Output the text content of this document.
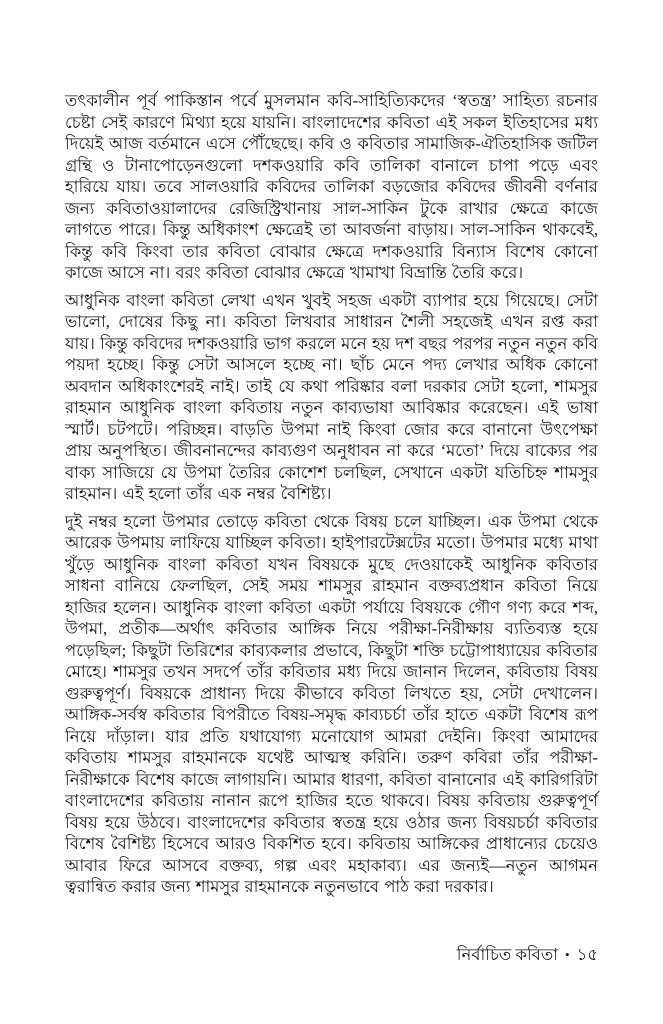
তৎকালীন পূর্ব পাকিস্তান পর্বে মুসলমান কবি-সাহিত্যিকদের ‘স্বতন্ত্র’ সাহিত্য রচনার চেষ্টা সেই কারণে মিথ্যা হয়ে যায়নি। বাংলাদেশের কবিতা এই সকল ইতিহাসের মধ্য দিয়েই আজ বর্তমানে এসে পৌঁছেছে। কবি ও কবিতার সামাজিক-ঐতিহাসিক জটিল গ্রন্থি ও টানাপোড়েনগুলো দশকওয়ারি কবি তালিকা বানালে চাপা পড়ে এবং হারিয়ে যায়। তবে সালওয়ারি কবিদের তালিকা বড়জোর কবিদের জীবনী বর্ণনার জন্য কবিতাওয়ালাদের রেজিস্ট্রিখানায় সাল-সাকিন টুকে রাখার ক্ষেত্রে কাজে লাগতে পারে। কিন্তু অধিকাংশ ক্ষেত্রেই তা আবর্জনা বাড়ায়। সাল-সাকিন থাকবেই, কিন্তু কবি কিংবা তার কবিতা বোঝার ক্ষেত্রে দশকওয়ারি বিন্যাস বিশেষ কোনো কাজে আসে না। বরং কবিতা বোঝার ক্ষেত্রে খামাখা বিভ্রান্তি তৈরি করে।

আধুনিক বাংলা কবিতা লেখা এখন খুবই সহজ একটা ব্যাপার হয়ে গিয়েছে। সেটা ভালো, দোষের কিছু না। কবিতা লিখবার সাধারন শৈলী সহজেই এখন রপ্ত করা যায়। কিন্তু কবিদের দশকওয়ারি ভাগ করলে মনে হয় দশ বছর পরপর নতুন নতুন কবি পয়দা হচ্ছে। কিন্তু সেটা আসলে হচ্ছে না। ছাঁচ মেনে পদ্য লেখার অধিক কোনো অবদান অধিকাংশেরই নাই। তাই যে কথা পরিষ্কার বলা দরকার সেটা হলো, শামসুর রাহমান আধুনিক বাংলা কবিতায় নতুন কাব্যভাষা আবিষ্কার করেছেন। এই ভাষা স্মার্ট। চটপটে। পরিচ্ছন্ন। বাড়তি উপমা নাই কিংবা জোর করে বানানো উৎপেক্ষা প্রায় অনুপস্থিত। জীবনানন্দের কাব্যগুণ অনুধাবন না করে ‘মতো’ দিয়ে বাক্যের পর বাক্য সাজিয়ে যে উপমা তৈরির কোশেশ চলছিল, সেখানে একটা যতিচিহ্ন শামসুর রাহমান। এই হলো তাঁর এক নম্বর বৈশিষ্ট্য।

দুই নম্বর হলো উপমার তোড়ে কবিতা থেকে বিষয় চলে যাচ্ছিল। এক উপমা থেকে আরেক উপমায় লাফিয়ে যাচ্ছিল কবিতা। হাইপারটেক্সটের মতো। উপমার মধ্যে মাথা খুঁড়ে আধুনিক বাংলা কবিতা যখন বিষয়কে মুছে দেওয়াকেই আধুনিক কবিতার সাধনা বানিয়ে ফেলছিল, সেই সময় শামসুর রাহমান বক্তব্যপ্রধান কবিতা নিয়ে হাজির হলেন। আধুনিক বাংলা কবিতা একটা পর্যায়ে বিষয়কে গৌণ গণ্য করে শব্দ, উপমা, প্রতীক—অর্থাৎ কবিতার আঙ্গিক নিয়ে পরীক্ষা-নিরীক্ষায় ব্যতিব্যস্ত হয়ে পড়েছিল; কিছুটা তিরিশের কাব্যকলার প্রভাবে, কিছুটা শক্তি চট্টোপাধ্যায়ের কবিতার মোহে। শামসুর তখন সদর্পে তাঁর কবিতার মধ্য দিয়ে জানান দিলেন, কবিতায় বিষয় গুরুত্বপূর্ণ। বিষয়কে প্রাধান্য দিয়ে কীভাবে কবিতা লিখতে হয়, সেটা দেখালেন। আঙ্গিক-সর্বস্ব কবিতার বিপরীতে বিষয়-সমৃদ্ধ কাব্যচর্চা তাঁর হাতে একটা বিশেষ রূপ নিয়ে দাঁড়াল। যার প্রতি যথাযোগ্য মনোযোগ আমরা দেইনি। কিংবা আমাদের কবিতায় শামসুর রাহমানকে যথেষ্ট আত্মস্থ করিনি। তরুণ কবিরা তাঁর পরীক্ষা-নিরীক্ষাকে বিশেষ কাজে লাগায়নি। আমার ধারণা, কবিতা বানানোর এই কারিগরিটা বাংলাদেশের কবিতায় নানান রূপে হাজির হতে থাকবে। বিষয় কবিতায় গুরুত্বপূর্ণ বিষয় হয়ে উঠবে। বাংলাদেশের কবিতার স্বতন্ত্র হয়ে ওঠার জন্য বিষয়চর্চা কবিতার বিশেষ বৈশিষ্ট্য হিসেবে আরও বিকশিত হবে। কবিতায় আঙ্গিকের প্রাধান্যের চেয়েও আবার ফিরে আসবে বক্তব্য, গল্প এবং মহাকাব্য। এর জন্যই—নতুন আগমন ত্বরান্বিত করার জন্য শামসুর রাহমানকে নতুনভাবে পাঠ করা দরকার।

নির্বাচিত কবিতা • ১৫
